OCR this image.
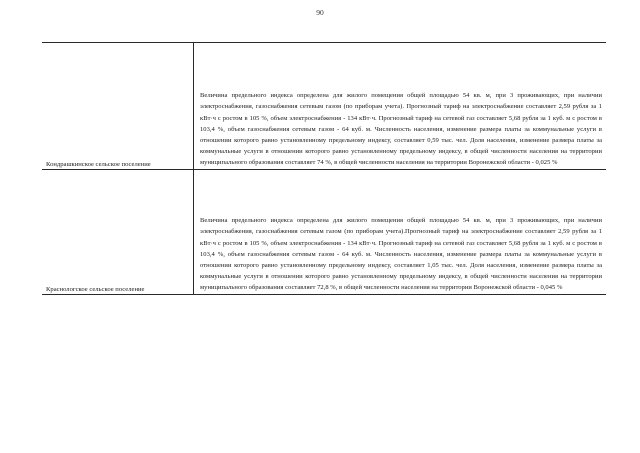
90
Кондрашкинское сельское поселение

Величина предельного индекса определена для жилого помещения общей площадью 54 кв. м, при 3 проживающих, при наличии электроснабжения, газоснабжения сетевым газом (по приборам учета). Прогнозный тариф на электроснабжение составляет 2,59 рубля за 1 кВт·ч с ростом в 105 %, объем электроснабжения - 134 кВт·ч. Прогнозный тариф на сетевой газ составляет 5,68 рубля за 1 куб. м с ростом в 103,4 %, объем газоснабжения сетевым газом - 64 куб. м. Численность населения, изменение размера платы за коммунальные услуги в отношении которого равно установленному предельному индексу, составляет 0,59 тыс. чел. Доля населения, изменение размера платы за коммунальные услуги в отношении которого равно установленному предельному индексу, в общей численности населения на территории муниципального образования составляет 74 %, в общей численности населения на территории Воронежской области - 0,025 %

Краснологское сельское поселение

Величина предельного индекса определена для жилого помещения общей площадью 54 кв. м, при 3 проживающих, при наличии электроснабжения, газоснабжения сетевым газом (по приборам учета).Прогнозный тариф на электроснабжение составляет 2,59 рубля за 1 кВт·ч с ростом в 105 %, объем электроснабжения - 134 кВт·ч. Прогнозный тариф на сетевой газ составляет 5,68 рубля за 1 куб. м с ростом в 103,4 %, объем газоснабжения сетевым газом - 64 куб. м. Численность населения, изменение размера платы за коммунальные услуги в отношении которого равно установленному предельному индексу, составляет 1,05 тыс. чел. Доля населения, изменение размера платы за коммунальные услуги в отношении которого равно установленному предельному индексу, в общей численности населения на территории муниципального образования составляет 72,8 %, в общей численности населения на территории Воронежской области - 0,045 %
